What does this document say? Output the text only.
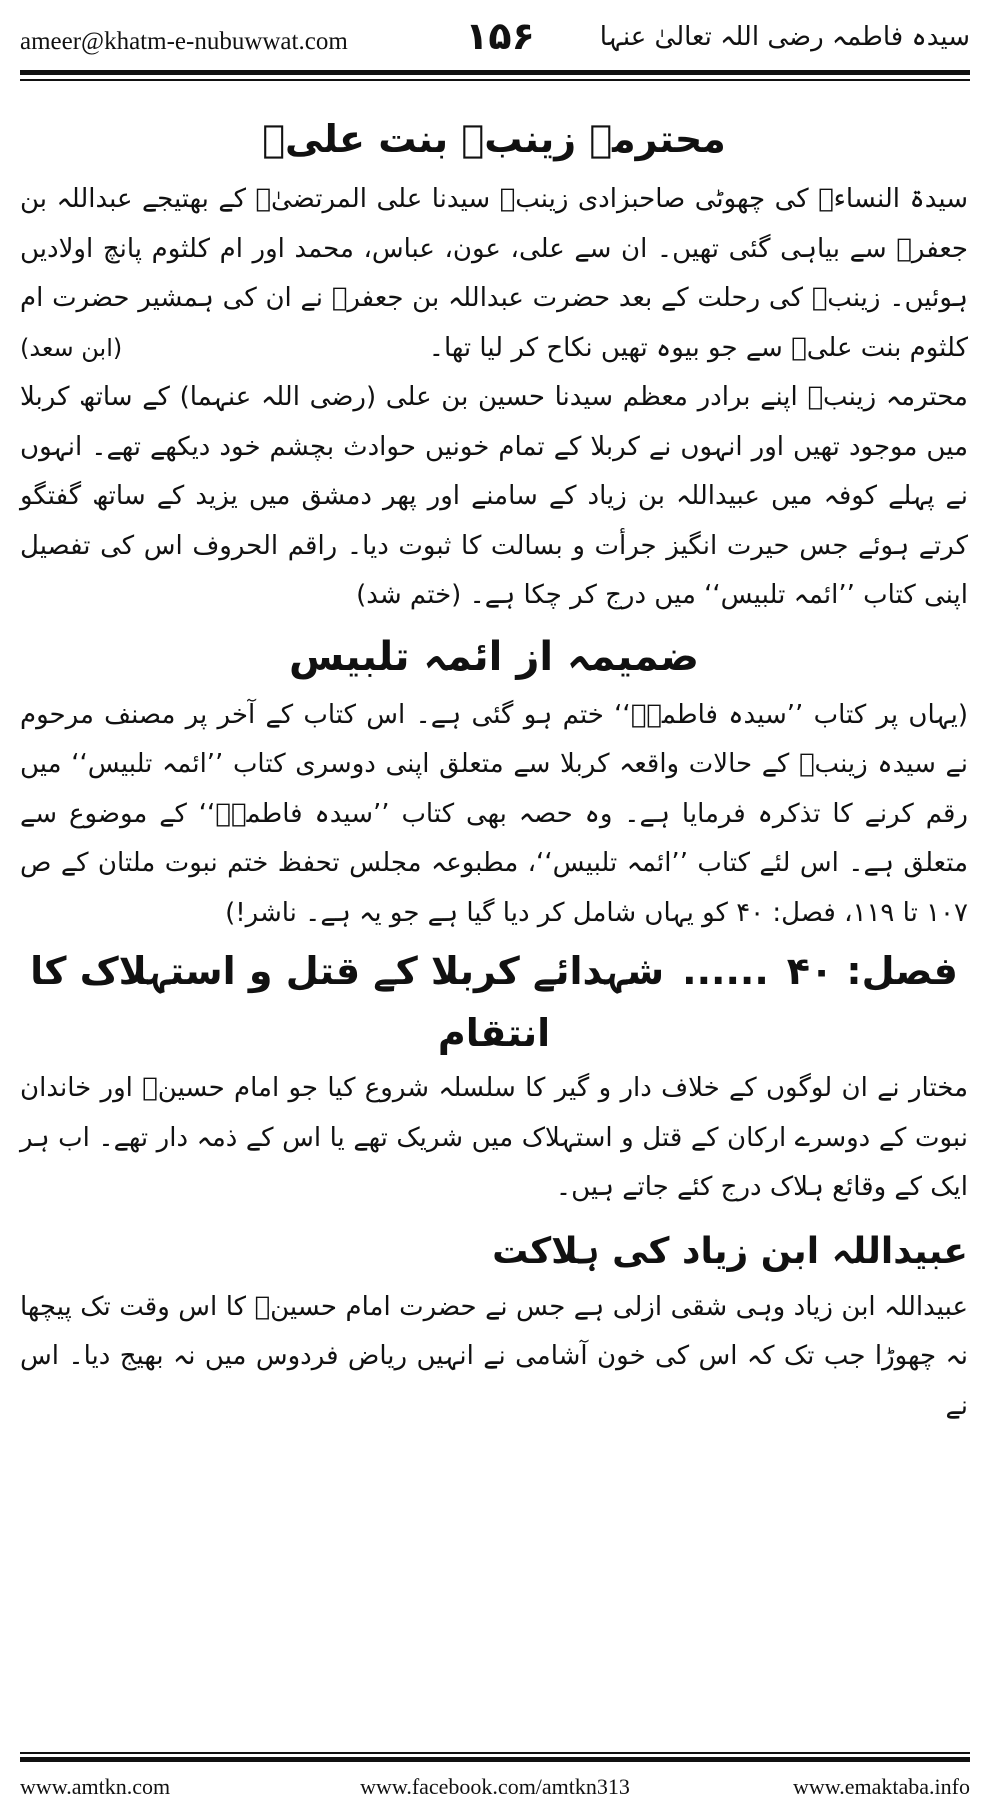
ameer@khatm-e-nubuwwat.com	۱۵۶	سیدہ فاطمہ رضی اللہ تعالیٰ عنہا
محترمہ زینبؓ بنت علیؓ

سیدۃ النساءؓ کی چھوٹی صاحبزادی زینبؓ سیدنا علی المرتضیٰؓ کے بھتیجے عبداللہ بن جعفرؓ سے بیاہی گئی تھیں۔ ان سے علی، عون، عباس، محمد اور ام کلثوم پانچ اولادیں ہوئیں۔ زینبؓ کی رحلت کے بعد حضرت عبداللہ بن جعفرؓ نے ان کی ہمشیر حضرت ام کلثوم بنت علیؓ سے جو بیوہ تھیں نکاح کر لیا تھا۔
(ابن سعد)

محترمہ زینبؓ اپنے برادر معظم سیدنا حسین بن علی (رضی اللہ عنہما) کے ساتھ کربلا میں موجود تھیں اور انہوں نے کربلا کے تمام خونیں حوادث بچشم خود دیکھے تھے۔ انہوں نے پہلے کوفہ میں عبیداللہ بن زیاد کے سامنے اور پھر دمشق میں یزید کے ساتھ گفتگو کرتے ہوئے جس حیرت انگیز جرأت و بسالت کا ثبوت دیا۔ راقم الحروف اس کی تفصیل اپنی کتاب ’’ائمہ تلبیس‘‘ میں درج کر چکا ہے۔ (ختم شد)

ضمیمہ از ائمہ تلبیس

(یہاں پر کتاب ’’سیدہ فاطمہؓ‘‘ ختم ہو گئی ہے۔ اس کتاب کے آخر پر مصنف مرحوم نے سیدہ زینبؓ کے حالات واقعہ کربلا سے متعلق اپنی دوسری کتاب ’’ائمہ تلبیس‘‘ میں رقم کرنے کا تذکرہ فرمایا ہے۔ وہ حصہ بھی کتاب ’’سیدہ فاطمہؓ‘‘ کے موضوع سے متعلق ہے۔ اس لئے کتاب ’’ائمہ تلبیس‘‘، مطبوعہ مجلس تحفظ ختم نبوت ملتان کے ص ۱۰۷ تا ۱۱۹، فصل: ۴۰ کو یہاں شامل کر دیا گیا ہے جو یہ ہے۔ ناشر!)

فصل: ۴۰......شہدائے کربلا کے قتل و استہلاک کا انتقام

مختار نے ان لوگوں کے خلاف دار و گیر کا سلسلہ شروع کیا جو امام حسینؓ اور خاندان نبوت کے دوسرے ارکان کے قتل و استہلاک میں شریک تھے یا اس کے ذمہ دار تھے۔ اب ہر ایک کے وقائع ہلاک درج کئے جاتے ہیں۔

عبیداللہ ابن زیاد کی ہلاکت

عبیداللہ ابن زیاد وہی شقی ازلی ہے جس نے حضرت امام حسینؓ کا اس وقت تک پیچھا نہ چھوڑا جب تک کہ اس کی خون آشامی نے انہیں ریاض فردوس میں نہ بھیج دیا۔ اس نے

www.amtkn.com	www.facebook.com/amtkn313	www.emaktaba.info
